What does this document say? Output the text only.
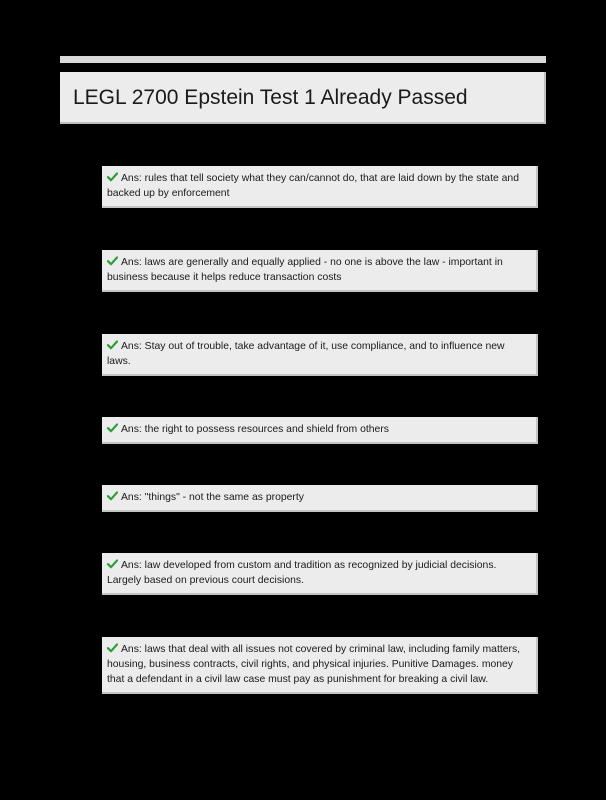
LEGL 2700 Epstein Test 1 Already Passed
Ans: rules that tell society what they can/cannot do, that are laid down by the state and backed up by enforcement
Ans: laws are generally and equally applied - no one is above the law - important in business because it helps reduce transaction costs
Ans: Stay out of trouble, take advantage of it, use compliance, and to influence new laws.
Ans: the right to possess resources and shield from others
Ans: "things" - not the same as property
Ans: law developed from custom and tradition as recognized by judicial decisions. Largely based on previous court decisions.
Ans: laws that deal with all issues not covered by criminal law, including family matters, housing, business contracts, civil rights, and physical injuries. Punitive Damages. money that a defendant in a civil law case must pay as punishment for breaking a civil law.
